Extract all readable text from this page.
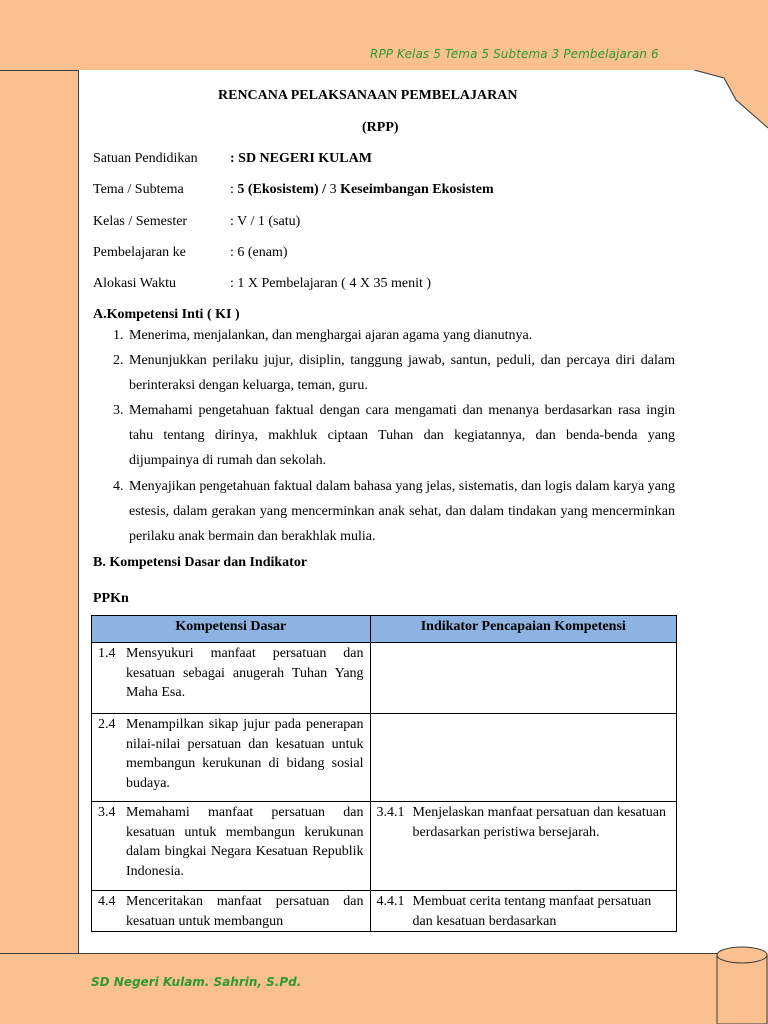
RPP Kelas 5 Tema 5 Subtema 3 Pembelajaran 6
RENCANA PELAKSANAAN PEMBELAJARAN
(RPP)
Satuan Pendidikan : SD NEGERI KULAM
Tema / Subtema	: 5 (Ekosistem) / 3 Keseimbangan Ekosistem
Kelas / Semester	: V / 1 (satu)
Pembelajaran ke	: 6 (enam)
Alokasi Waktu	: 1 X Pembelajaran ( 4 X 35 menit )
A.Kompetensi Inti ( KI )
1. Menerima, menjalankan, dan menghargai ajaran agama yang dianutnya.
2. Menunjukkan perilaku jujur, disiplin, tanggung jawab, santun, peduli, dan percaya diri dalam berinteraksi dengan keluarga, teman, guru.
3. Memahami pengetahuan faktual dengan cara mengamati dan menanya berdasarkan rasa ingin tahu tentang dirinya, makhluk ciptaan Tuhan dan kegiatannya, dan benda-benda yang dijumpainya di rumah dan sekolah.
4. Menyajikan pengetahuan faktual dalam bahasa yang jelas, sistematis, dan logis dalam karya yang estesis, dalam gerakan yang mencerminkan anak sehat, dan dalam tindakan yang mencerminkan perilaku anak bermain dan berakhlak mulia.
B. Kompetensi Dasar dan Indikator
PPKn
Kompetensi Dasar	Indikator Pencapaian Kompetensi

1.4 Mensyukuri manfaat persatuan dan kesatuan sebagai anugerah Tuhan Yang Maha Esa.	

2.4 Menampilkan sikap jujur pada penerapan nilai-nilai persatuan dan kesatuan untuk membangun kerukunan di bidang sosial budaya.	

3.4 Memahami manfaat persatuan dan kesatuan untuk membangun kerukunan dalam bingkai Negara Kesatuan Republik Indonesia.	3.4.1 Menjelaskan manfaat persatuan dan kesatuan berdasarkan peristiwa bersejarah.

4.4 Menceritakan manfaat persatuan dan kesatuan untuk membangun	4.4.1 Membuat cerita tentang manfaat persatuan dan kesatuan berdasarkan
SD Negeri Kulam. Sahrin, S.Pd.
